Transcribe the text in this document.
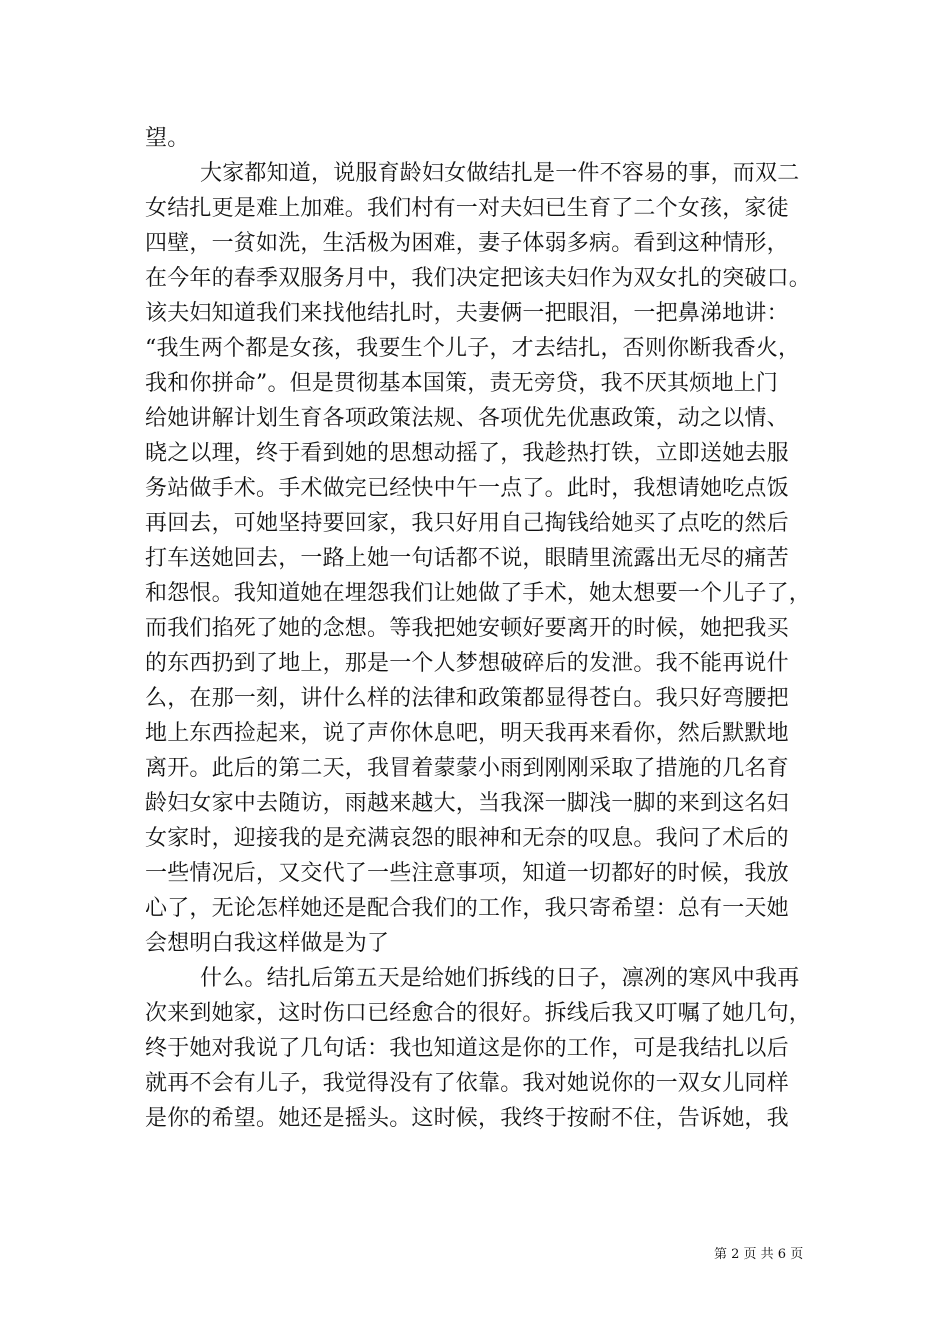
望。
大家都知道，说服育龄妇女做结扎是一件不容易的事，而双二
女结扎更是难上加难。我们村有一对夫妇已生育了二个女孩，家徒
四壁，一贫如洗，生活极为困难，妻子体弱多病。看到这种情形，
在今年的春季双服务月中，我们决定把该夫妇作为双女扎的突破口。
该夫妇知道我们来找他结扎时，夫妻俩一把眼泪，一把鼻涕地讲：
“我生两个都是女孩，我要生个儿子，才去结扎，否则你断我香火，
我和你拼命”。但是贯彻基本国策，责无旁贷，我不厌其烦地上门
给她讲解计划生育各项政策法规、各项优先优惠政策，动之以情、
晓之以理，终于看到她的思想动摇了，我趁热打铁，立即送她去服
务站做手术。手术做完已经快中午一点了。此时，我想请她吃点饭
再回去，可她坚持要回家，我只好用自己掏钱给她买了点吃的然后
打车送她回去，一路上她一句话都不说，眼睛里流露出无尽的痛苦
和怨恨。我知道她在埋怨我们让她做了手术，她太想要一个儿子了，
而我们掐死了她的念想。等我把她安顿好要离开的时候，她把我买
的东西扔到了地上，那是一个人梦想破碎后的发泄。我不能再说什
么，在那一刻，讲什么样的法律和政策都显得苍白。我只好弯腰把
地上东西捡起来，说了声你休息吧，明天我再来看你，然后默默地
离开。此后的第二天，我冒着蒙蒙小雨到刚刚采取了措施的几名育
龄妇女家中去随访，雨越来越大，当我深一脚浅一脚的来到这名妇
女家时，迎接我的是充满哀怨的眼神和无奈的叹息。我问了术后的
一些情况后，又交代了一些注意事项，知道一切都好的时候，我放
心了，无论怎样她还是配合我们的工作，我只寄希望：总有一天她
会想明白我这样做是为了
什么。结扎后第五天是给她们拆线的日子，凛冽的寒风中我再
次来到她家，这时伤口已经愈合的很好。拆线后我又叮嘱了她几句，
终于她对我说了几句话：我也知道这是你的工作，可是我结扎以后
就再不会有儿子，我觉得没有了依靠。我对她说你的一双女儿同样
是你的希望。她还是摇头。这时候，我终于按耐不住，告诉她，我
第 2 页 共 6 页
